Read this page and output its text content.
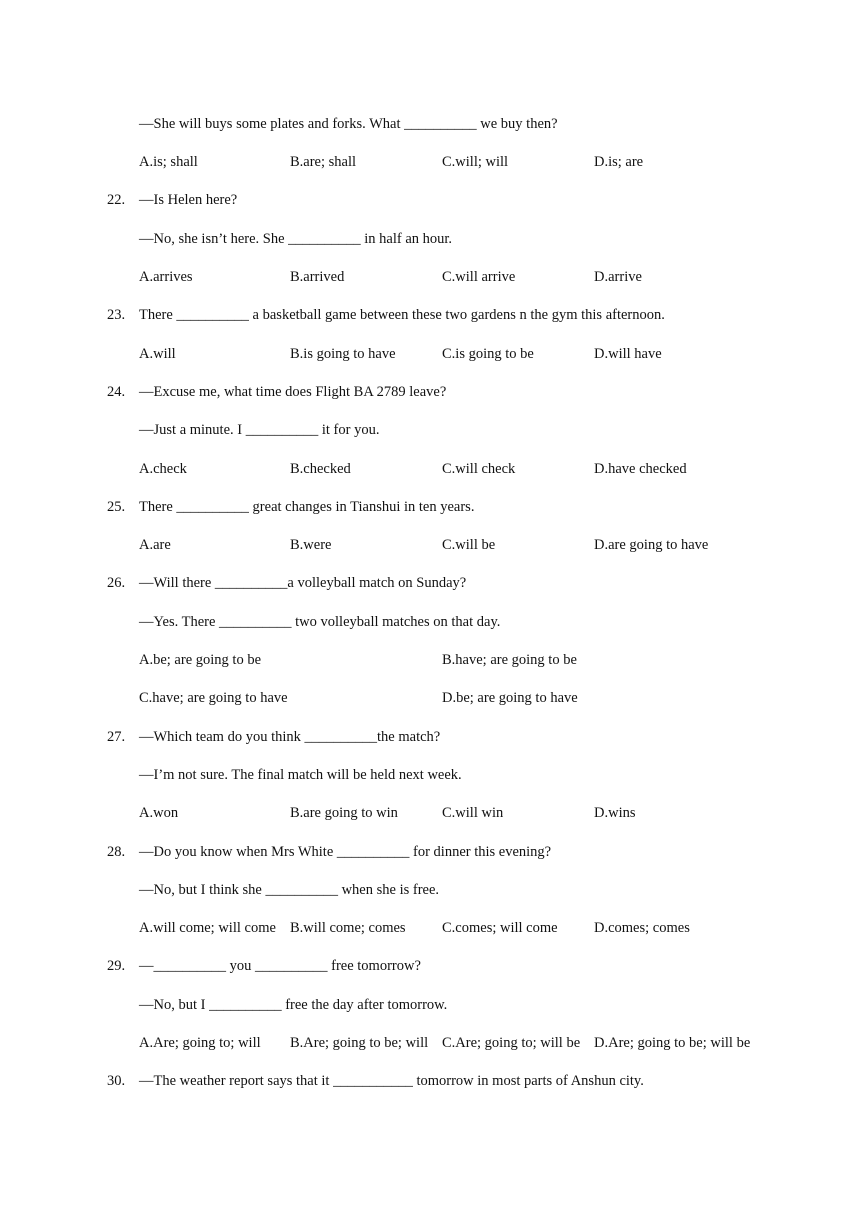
—She will buys some plates and forks. What __________ we buy then?
A.is; shall	B.are; shall	C.will; will	D.is; are
22. —Is Helen here?
—No, she isn’t here. She __________ in half an hour.
A.arrives	B.arrived	C.will arrive	D.arrive
23. There __________ a basketball game between these two gardens n the gym this afternoon.
A.will	B.is going to have	C.is going to be	D.will have
24. —Excuse me, what time does Flight BA 2789 leave?
—Just a minute. I __________ it for you.
A.check	B.checked	C.will check	D.have checked
25. There __________ great changes in Tianshui in ten years.
A.are	B.were	C.will be	D.are going to have
26. —Will there __________a volleyball match on Sunday?
—Yes. There __________ two volleyball matches on that day.
A.be; are going to be	B.have; are going to be
C.have; are going to have	D.be; are going to have
27. —Which team do you think __________the match?
—I’m not sure. The final match will be held next week.
A.won	B.are going to win	C.will win	D.wins
28. —Do you know when Mrs White __________ for dinner this evening?
—No, but I think she __________ when she is free.
A.will come; will come B.will come; comes	C.comes; will come	D.comes; comes
29. —__________ you __________ free tomorrow?
—No, but I __________ free the day after tomorrow.
A.Are; going to; will B.Are; going to be; will C.Are; going to; will be D.Are; going to be; will be
30. —The weather report says that it ___________ tomorrow in most parts of Anshun city.
